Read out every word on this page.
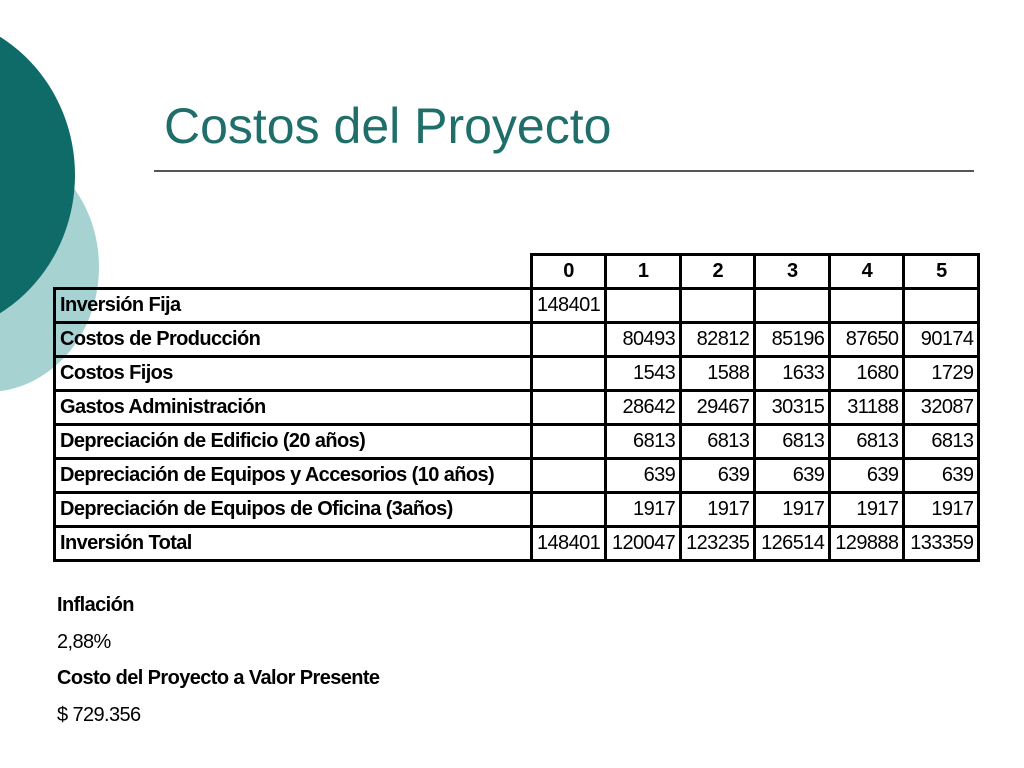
Costos del Proyecto
	0	1	2	3	4	5
Inversión Fija	148401					
Costos de Producción		80493	82812	85196	87650	90174
Costos Fijos		1543	1588	1633	1680	1729
Gastos Administración		28642	29467	30315	31188	32087
Depreciación de Edificio (20 años)		6813	6813	6813	6813	6813
Depreciación de Equipos y Accesorios (10 años)		639	639	639	639	639
Depreciación de Equipos de Oficina (3años)		1917	1917	1917	1917	1917
Inversión Total	148401	120047	123235	126514	129888	133359
Inflación
2,88%
Costo del Proyecto a Valor Presente
$ 729.356
